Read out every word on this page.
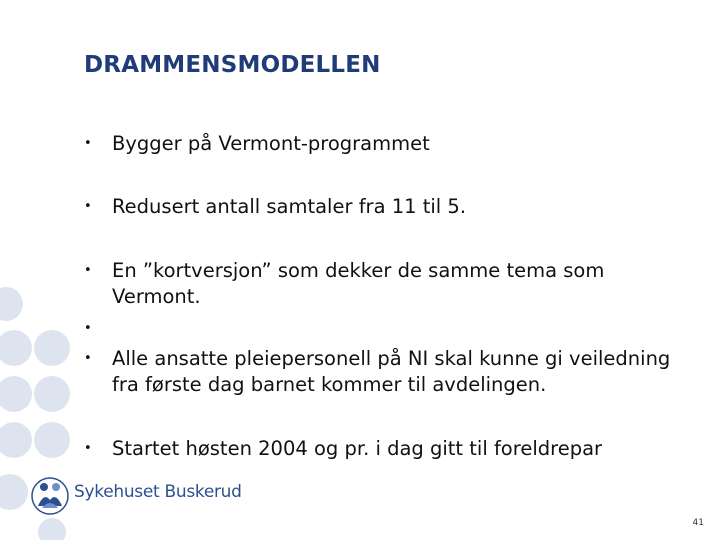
DRAMMENSMODELLEN
•	Bygger på Vermont-programmet
•	Redusert antall samtaler fra 11 til 5.
•	En ”kortversjon” som dekker de samme tema som Vermont.
•
•	Alle ansatte pleiepersonell på NI skal kunne gi veiledning fra første dag barnet kommer til avdelingen.
•	Startet høsten 2004 og pr. i dag gitt til foreldrepar
Sykehuset Buskerud
41
